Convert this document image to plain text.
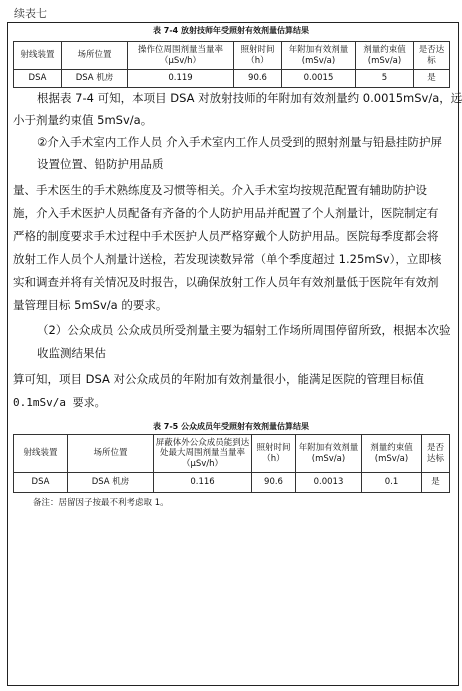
续表七
表 7-4 放射技师年受照射有效剂量估算结果
射线装置	场所位置	操作位周围剂量当量率（μSv/h）	照射时间（h）	年附加有效剂量(mSv/a)	剂量约束值(mSv/a)	是否达标
DSA	DSA 机房	0.119	90.6	0.0015	5	是

根据表 7-4 可知，本项目 DSA 对放射技师的年附加有效剂量约 0.0015mSv/a，远

小于剂量约束值 5mSv/a。

②介入手术室内工作人员 介入手术室内工作人员受到的照射剂量与铅悬挂防护屏

设置位置、铅防护用品质

量、手术医生的手术熟练度及习惯等相关。介入手术室均按规范配置有辅助防护设

施，介入手术医护人员配备有齐备的个人防护用品并配置了个人剂量计，医院制定有

严格的制度要求手术过程中手术医护人员严格穿戴个人防护用品。医院每季度都会将

放射工作人员个人剂量计送检，若发现读数异常（单个季度超过 1.25mSv），立即核

实和调查并将有关情况及时报告，以确保放射工作人员年有效剂量低于医院年有效剂

量管理目标 5mSv/a 的要求。

（2）公众成员 公众成员所受剂量主要为辐射工作场所周围停留所致，根据本次验

收监测结果估

算可知，项目 DSA 对公众成员的年附加有效剂量很小，能满足医院的管理目标值

0.1mSv/a 要求。

表 7-5 公众成员年受照射有效剂量估算结果
射线装置	场所位置	屏蔽体外公众成员能到达处最大周围剂量当量率（μSv/h）	照射时间（h）	年附加有效剂量(mSv/a)	剂量约束值(mSv/a)	是否达标
DSA	DSA 机房	0.116	90.6	0.0013	0.1	是
备注：居留因子按最不利考虑取 1。
